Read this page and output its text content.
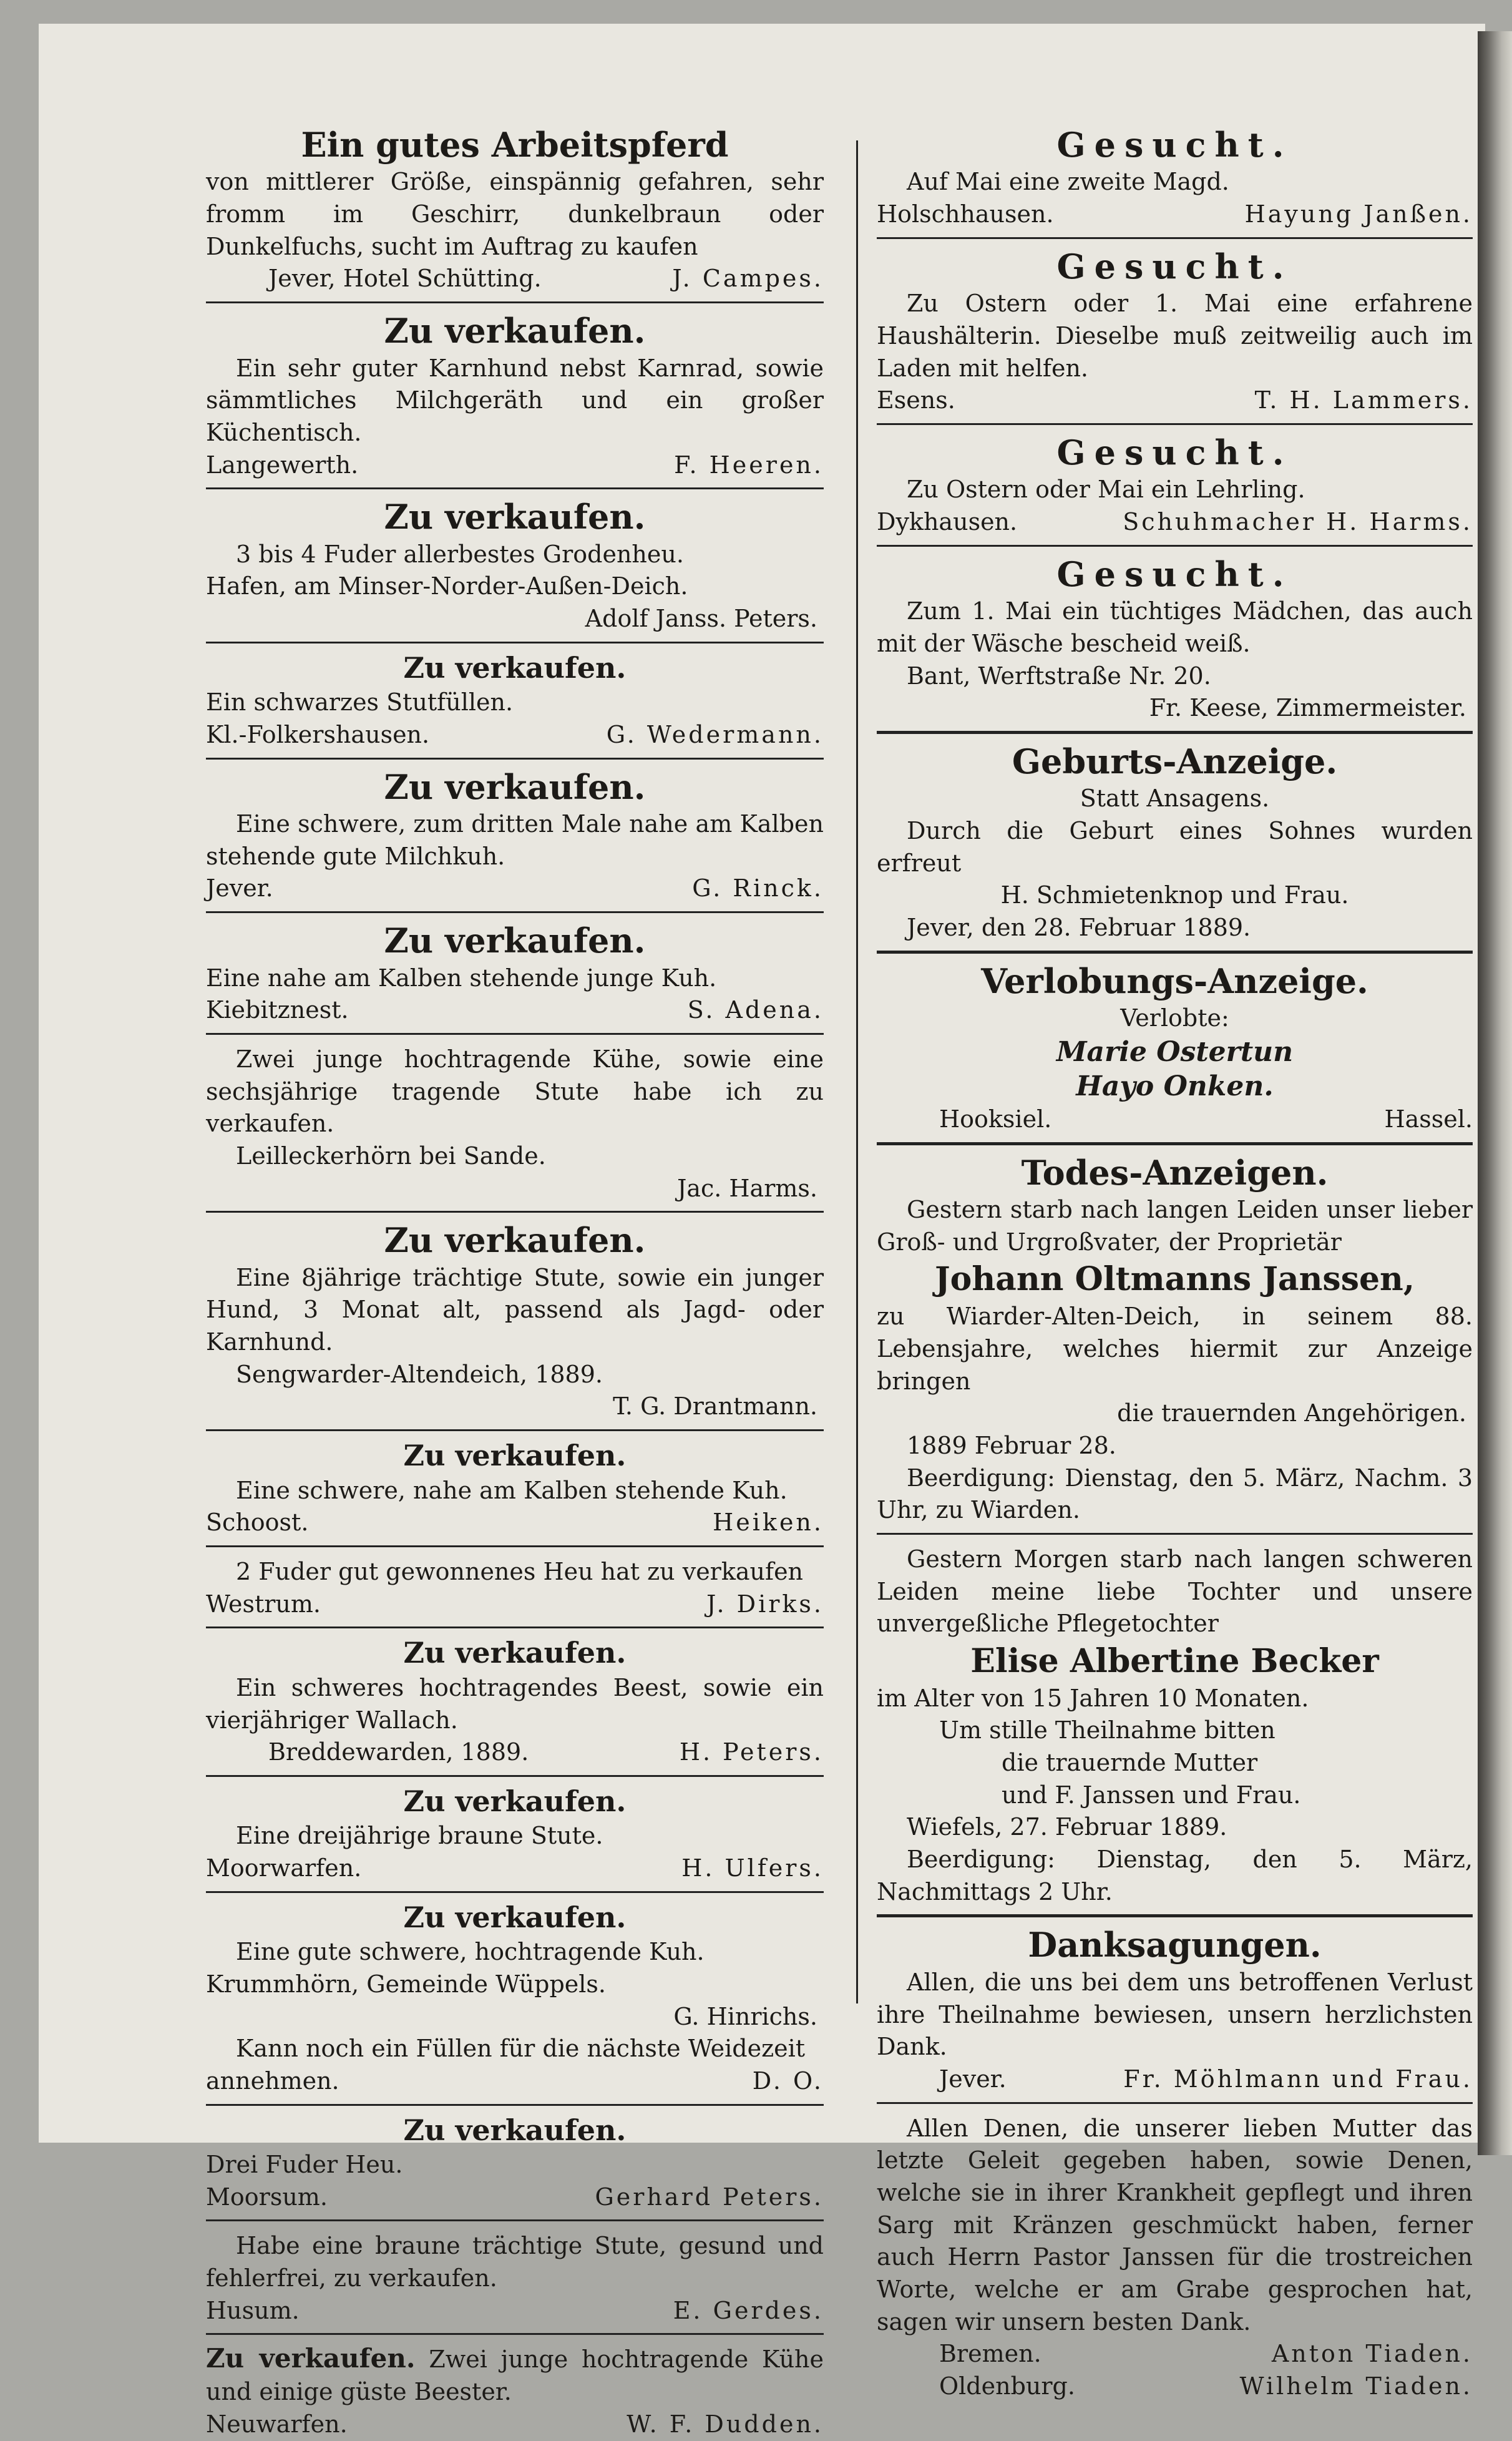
Ein gutes Arbeitspferd
von mittlerer Größe, einspännig gefahren, sehr fromm im Geschirr, dunkelbraun oder Dunkelfuchs, sucht im Auftrag zu kaufen
Jever, Hotel Schütting.	J. Campes.
Zu verkaufen.
Ein sehr guter Karnhund nebst Karnrad, sowie sämmtliches Milchgeräth und ein großer Küchentisch.
Langewerth.	F. Heeren.
Zu verkaufen.
3 bis 4 Fuder allerbestes Grodenheu.
Hafen, am Minser-Norder-Außen-Deich.
Adolf Janss. Peters.
Zu verkaufen.
Ein schwarzes Stutfüllen.
Kl.-Folkershausen.	G. Wedermann.
Zu verkaufen.
Eine schwere, zum dritten Male nahe am Kalben stehende gute Milchkuh.
Jever.	G. Rinck.
Zu verkaufen.
Eine nahe am Kalben stehende junge Kuh.
Kiebitznest.	S. Adena.
Zwei junge hochtragende Kühe, sowie eine sechsjährige tragende Stute habe ich zu verkaufen.
Leilleckerhörn bei Sande.
Jac. Harms.
Zu verkaufen.
Eine 8jährige trächtige Stute, sowie ein junger Hund, 3 Monat alt, passend als Jagd- oder Karnhund.
Sengwarder-Altendeich, 1889.
T. G. Drantmann.
Zu verkaufen.
Eine schwere, nahe am Kalben stehende Kuh.
Schoost.	Heiken.
2 Fuder gut gewonnenes Heu hat zu verkaufen
Westrum.	J. Dirks.
Zu verkaufen.
Ein schweres hochtragendes Beest, sowie ein vierjähriger Wallach.
Breddewarden, 1889.	H. Peters.
Zu verkaufen.
Eine dreijährige braune Stute.
Moorwarfen.	H. Ulfers.
Zu verkaufen.
Eine gute schwere, hochtragende Kuh.
Krummhörn, Gemeinde Wüppels.
G. Hinrichs.
Kann noch ein Füllen für die nächste Weidezeit
annehmen.	D. O.
Zu verkaufen.
Drei Fuder Heu.
Moorsum.	Gerhard Peters.
Habe eine braune trächtige Stute, gesund und fehlerfrei, zu verkaufen.
Husum.	E. Gerdes.
Zu verkaufen. Zwei junge hochtragende Kühe und einige güste Beester.
Neuwarfen.	W. F. Dudden.
Gesucht.
Auf Mai eine zweite Magd.
Holschhausen.	Hayung Janßen.
Gesucht.
Zu Ostern oder 1. Mai eine erfahrene Haushälterin. Dieselbe muß zeitweilig auch im Laden mit helfen.
Esens.	T. H. Lammers.
Gesucht.
Zu Ostern oder Mai ein Lehrling.
Dykhausen.	Schuhmacher H. Harms.
Gesucht.
Zum 1. Mai ein tüchtiges Mädchen, das auch mit der Wäsche bescheid weiß.
Bant, Werftstraße Nr. 20.
Fr. Keese, Zimmermeister.
Geburts-Anzeige.
Statt Ansagens.
Durch die Geburt eines Sohnes wurden erfreut
H. Schmietenknop und Frau.
Jever, den 28. Februar 1889.
Verlobungs-Anzeige.
Verlobte:
Marie Ostertun
Hayo Onken.
Hooksiel.	Hassel.
Todes-Anzeigen.
Gestern starb nach langen Leiden unser lieber Groß- und Urgroßvater, der Proprietär
Johann Oltmanns Janssen,
zu Wiarder-Alten-Deich, in seinem 88. Lebensjahre, welches hiermit zur Anzeige bringen
die trauernden Angehörigen.
1889 Februar 28.
Beerdigung: Dienstag, den 5. März, Nachm. 3 Uhr, zu Wiarden.
Gestern Morgen starb nach langen schweren Leiden meine liebe Tochter und unsere unvergeßliche Pflegetochter
Elise Albertine Becker
im Alter von 15 Jahren 10 Monaten.
Um stille Theilnahme bitten
die trauernde Mutter
und F. Janssen und Frau.
Wiefels, 27. Februar 1889.
Beerdigung: Dienstag, den 5. März, Nachmittags 2 Uhr.
Danksagungen.
Allen, die uns bei dem uns betroffenen Verlust ihre Theilnahme bewiesen, unsern herzlichsten Dank.
Jever.	Fr. Möhlmann und Frau.
Allen Denen, die unserer lieben Mutter das letzte Geleit gegeben haben, sowie Denen, welche sie in ihrer Krankheit gepflegt und ihren Sarg mit Kränzen geschmückt haben, ferner auch Herrn Pastor Janssen für die trostreichen Worte, welche er am Grabe gesprochen hat, sagen wir unsern besten Dank.
Bremen.	Anton Tiaden.
Oldenburg.	Wilhelm Tiaden.
